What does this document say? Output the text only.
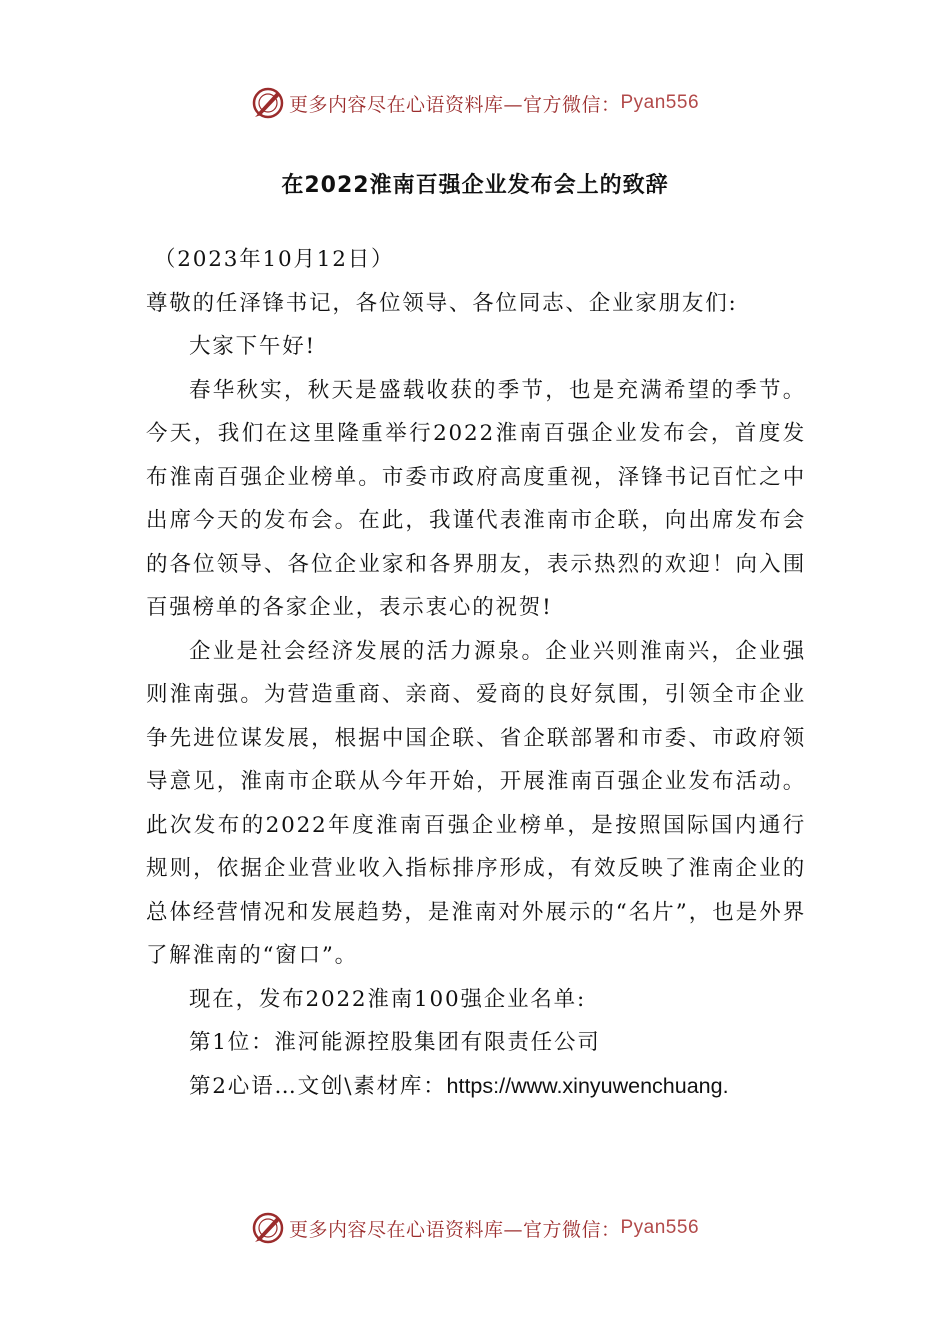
更多内容尽在心语资料库—官方微信： Pyan556
在2022淮南百强企业发布会上的致辞

（2023年10月12日）

尊敬的任泽锋书记，各位领导、各位同志、企业家朋友们:

大家下午好!

春华秋实，秋天是盛载收获的季节，也是充满希望的季节。今天，我们在这里隆重举行2022淮南百强企业发布会，首度发布淮南百强企业榜单。市委市政府高度重视，泽锋书记百忙之中出席今天的发布会。在此，我谨代表淮南市企联，向出席发布会的各位领导、各位企业家和各界朋友，表示热烈的欢迎！向入围百强榜单的各家企业，表示衷心的祝贺!

企业是社会经济发展的活力源泉。企业兴则淮南兴，企业强则淮南强。为营造重商、亲商、爱商的良好氛围，引领全市企业争先进位谋发展，根据中国企联、省企联部署和市委、市政府领导意见，淮南市企联从今年开始，开展淮南百强企业发布活动。此次发布的2022年度淮南百强企业榜单，是按照国际国内通行规则，依据企业营业收入指标排序形成，有效反映了淮南企业的总体经营情况和发展趋势，是淮南对外展示的“名片”，也是外界了解淮南的“窗口”。

现在，发布2022淮南100强企业名单:

第1位：淮河能源控股集团有限责任公司

第2心语…文创\素材库：https://www.xinyuwenchuang.

更多内容尽在心语资料库—官方微信： Pyan556
